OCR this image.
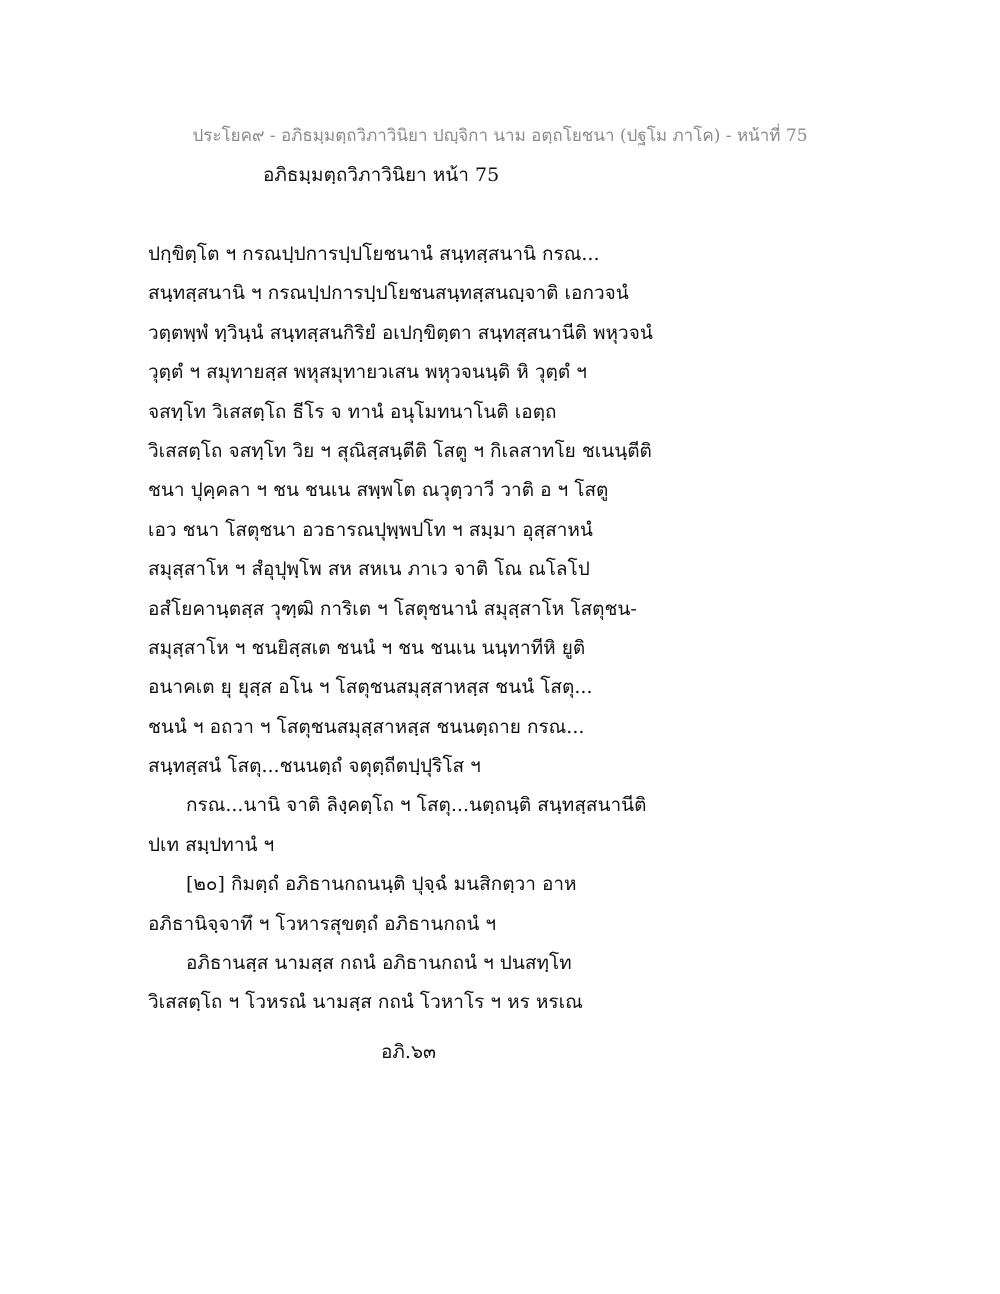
ประโยค๙ - อภิธมฺมตฺถวิภาวินิยา ปญฺจิกา นาม อตฺถโยชนา (ปฐโม ภาโค) - หน้าที่ 75
อภิธมฺมตฺถวิภาวินิยา หน้า 75
ปกฺขิตฺโต ฯ กรณปฺปการปฺปโยชนานํ สนฺทสฺสนานิ กรณ...
สนฺทสฺสนานิ ฯ กรณปฺปการปฺปโยชนสนฺทสฺสนญฺจาติ เอกวจนํ
วตฺตพฺพํ ทฺวินฺนํ สนฺทสฺสนกิริยํ อเปกฺขิตฺตา สนฺทสฺสนานีติ พหุวจนํ
วุตฺตํ ฯ สมุทายสฺส พหุสมุทายวเสน พหุวจนนฺติ หิ วุตฺตํ ฯ
จสทฺโท วิเสสตฺโถ ธีโร จ ทานํ อนุโมทนาโนติ เอตฺถ
วิเสสตฺโถ จสทฺโท วิย ฯ สุณิสฺสนฺตีติ โสตู ฯ กิเลสาทโย ชเนนฺตีติ
ชนา ปุคฺคลา ฯ ชน ชนเน สพฺพโต ณวุตฺวาวี วาติ อ ฯ โสตู
เอว ชนา โสตุชนา อวธารณปุพฺพปโท ฯ สมฺมา อุสฺสาหนํ
สมุสฺสาโห ฯ สํอุปุพฺโพ สห สหเน ภาเว จาติ โณ ณโลโป
อสํโยคานฺตสฺส วุฑฺฒิ การิเต ฯ โสตุชนานํ สมุสฺสาโห โสตุชน-
สมุสฺสาโห ฯ ชนยิสฺสเต ชนนํ ฯ ชน ชนเน นนฺทาทีหิ ยูติ
อนาคเต ยุ ยุสฺส อโน ฯ โสตุชนสมุสฺสาหสฺส ชนนํ โสตุ...
ชนนํ ฯ อถวา ฯ โสตุชนสมุสฺสาหสฺส ชนนตฺถาย กรณ...
สนฺทสฺสนํ โสตุ...ชนนตฺถํ จตุตฺถีตปฺปุริโส ฯ
กรณ...นานิ จาติ ลิงฺคตฺโถ ฯ โสตุ...นตฺถนฺติ สนฺทสฺสนานีติ
ปเท สมฺปทานํ ฯ
[๒๐] กิมตฺถํ อภิธานกถนนฺติ ปุจฺฉํ มนสิกตฺวา อาห
อภิธานิจฺจาทึ ฯ โวหารสุขตฺถํ อภิธานกถนํ ฯ
อภิธานสฺส นามสฺส กถนํ อภิธานกถนํ ฯ ปนสทฺโท
วิเสสตฺโถ ฯ โวหรณํ นามสฺส กถนํ โวหาโร ฯ หร หรเณ
อภิ.๖๓
